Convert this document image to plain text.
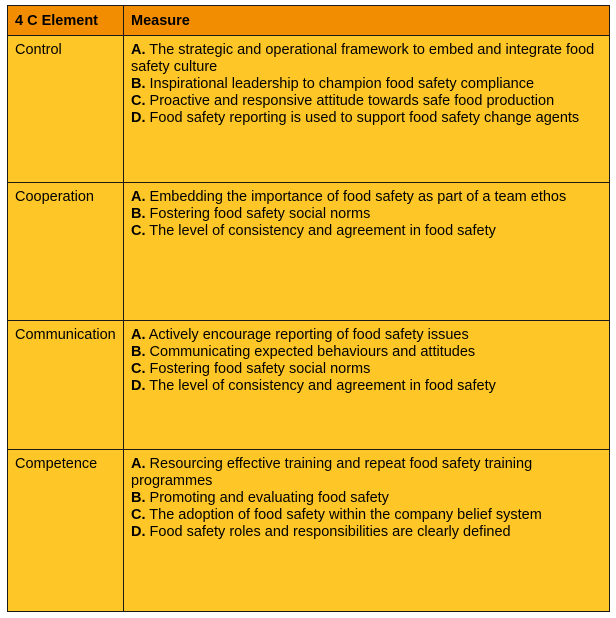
4 C Element	Measure
Control	A. The strategic and operational framework to embed and integrate food safety culture
B. Inspirational leadership to champion food safety compliance
C. Proactive and responsive attitude towards safe food production
D. Food safety reporting is used to support food safety change agents

Cooperation	A. Embedding the importance of food safety as part of a team ethos
B. Fostering food safety social norms
C. The level of consistency and agreement in food safety

Communication	A. Actively encourage reporting of food safety issues
B. Communicating expected behaviours and attitudes
C. Fostering food safety social norms
D. The level of consistency and agreement in food safety

Competence	A. Resourcing effective training and repeat food safety training programmes
B. Promoting and evaluating food safety
C. The adoption of food safety within the company belief system
D. Food safety roles and responsibilities are clearly defined
